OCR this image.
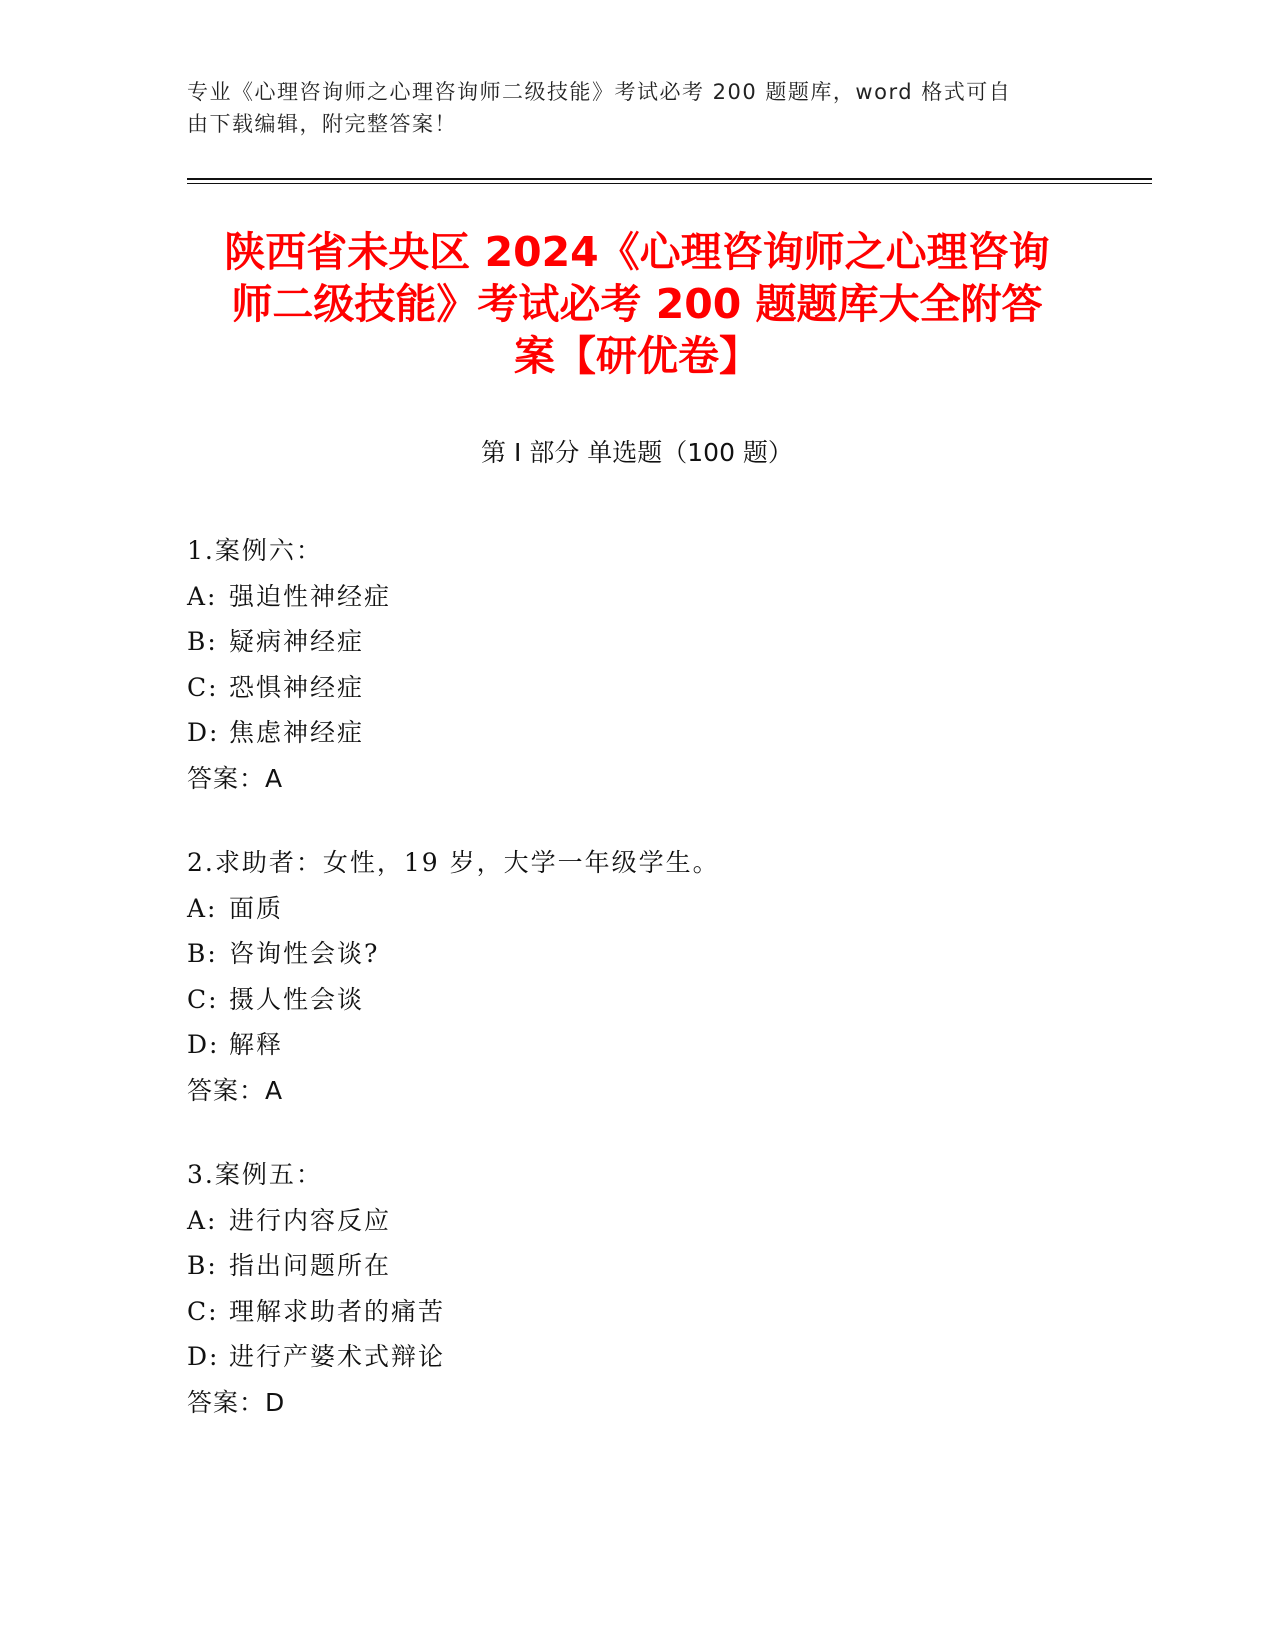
专业《心理咨询师之心理咨询师二级技能》考试必考 200 题题库，word 格式可自
由下载编辑，附完整答案！
陕西省未央区 2024《心理咨询师之心理咨询
师二级技能》考试必考 200 题题库大全附答
案【研优卷】
第 I 部分 单选题（100 题）
1.案例六：
A: 强迫性神经症
B: 疑病神经症
C: 恐惧神经症
D: 焦虑神经症
答案：A
2.求助者：女性，19 岁，大学一年级学生。
A: 面质
B: 咨询性会谈?
C: 摄人性会谈
D: 解释
答案：A
3.案例五：
A: 进行内容反应
B: 指出问题所在
C: 理解求助者的痛苦
D: 进行产婆术式辩论
答案：D
